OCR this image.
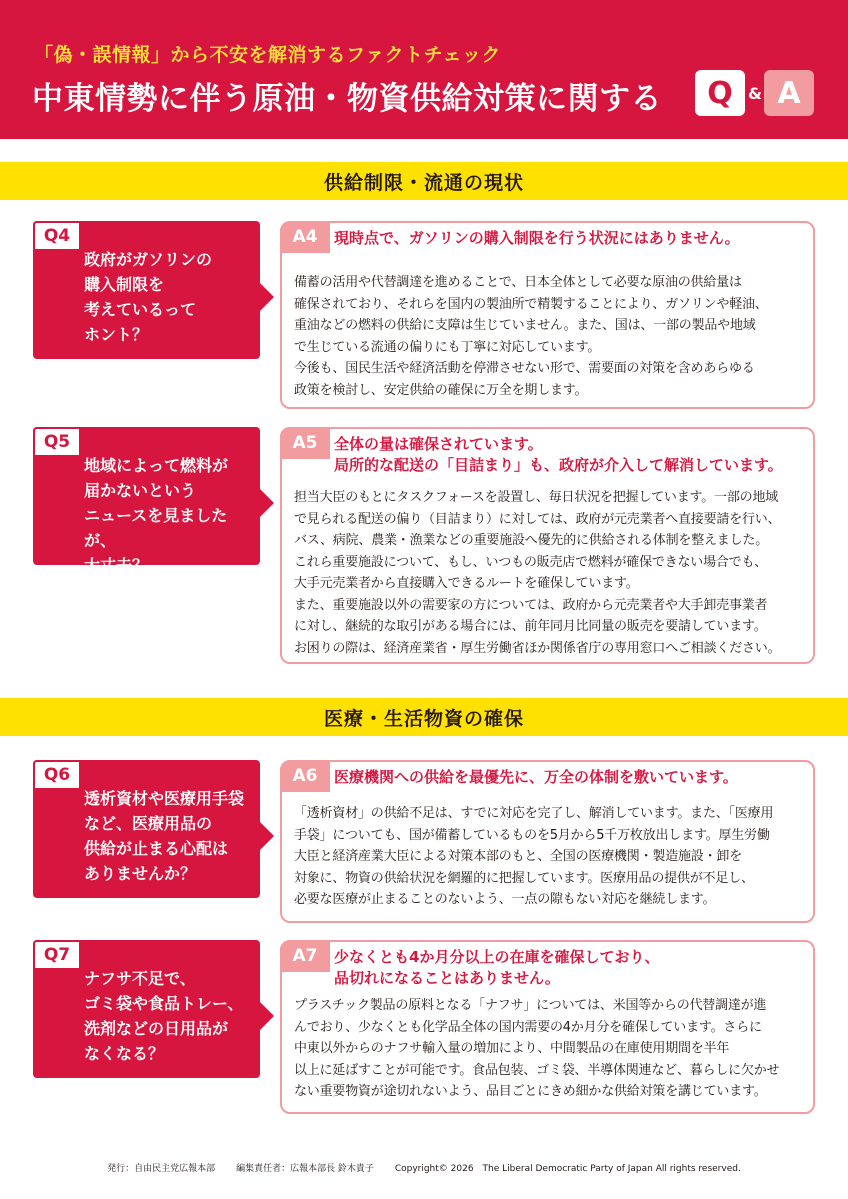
「偽・誤情報」から不安を解消するファクトチェック
中東情勢に伴う原油・物資供給対策に関する	Q & A
供給制限・流通の現状
Q4
政府がガソリンの
購入制限を
考えているって
ホント？
A4	現時点で、ガソリンの購入制限を行う状況にはありません。
備蓄の活用や代替調達を進めることで、日本全体として必要な原油の供給量は
確保されており、それらを国内の製油所で精製することにより、ガソリンや軽油、
重油などの燃料の供給に支障は生じていません。また、国は、一部の製品や地域
で生じている流通の偏りにも丁寧に対応しています。
今後も、国民生活や経済活動を停滞させない形で、需要面の対策を含めあらゆる
政策を検討し、安定供給の確保に万全を期します。
Q5
地域によって燃料が
届かないという
ニュースを見ましたが、
大丈夫？
A5	全体の量は確保されています。
局所的な配送の「目詰まり」も、政府が介入して解消しています。
担当大臣のもとにタスクフォースを設置し、毎日状況を把握しています。一部の地域
で見られる配送の偏り（目詰まり）に対しては、政府が元売業者へ直接要請を行い、
バス、病院、農業・漁業などの重要施設へ優先的に供給される体制を整えました。
これら重要施設について、もし、いつもの販売店で燃料が確保できない場合でも、
大手元売業者から直接購入できるルートを確保しています。
また、重要施設以外の需要家の方については、政府から元売業者や大手卸売事業者
に対し、継続的な取引がある場合には、前年同月比同量の販売を要請しています。
お困りの際は、経済産業省・厚生労働省ほか関係省庁の専用窓口へご相談ください。
医療・生活物資の確保
Q6
透析資材や医療用手袋
など、医療用品の
供給が止まる心配は
ありませんか？
A6	医療機関への供給を最優先に、万全の体制を敷いています。
「透析資材」の供給不足は、すでに対応を完了し、解消しています。また、「医療用
手袋」についても、国が備蓄しているものを5月から5千万枚放出します。厚生労働
大臣と経済産業大臣による対策本部のもと、全国の医療機関・製造施設・卸を
対象に、物資の供給状況を網羅的に把握しています。医療用品の提供が不足し、
必要な医療が止まることのないよう、一点の隙もない対応を継続します。
Q7
ナフサ不足で、
ゴミ袋や食品トレー、
洗剤などの日用品が
なくなる？
A7	少なくとも4か月分以上の在庫を確保しており、
品切れになることはありません。
プラスチック製品の原料となる「ナフサ」については、米国等からの代替調達が進
んでおり、少なくとも化学品全体の国内需要の4か月分を確保しています。さらに
中東以外からのナフサ輸入量の増加により、中間製品の在庫使用期間を半年
以上に延ばすことが可能です。食品包装、ゴミ袋、半導体関連など、暮らしに欠かせ
ない重要物資が途切れないよう、品目ごとにきめ細かな供給対策を講じています。
発行：自由民主党広報本部 編集責任者：広報本部長 鈴木貴子 Copyright© 2026　The Liberal Democratic Party of Japan All rights reserved.
